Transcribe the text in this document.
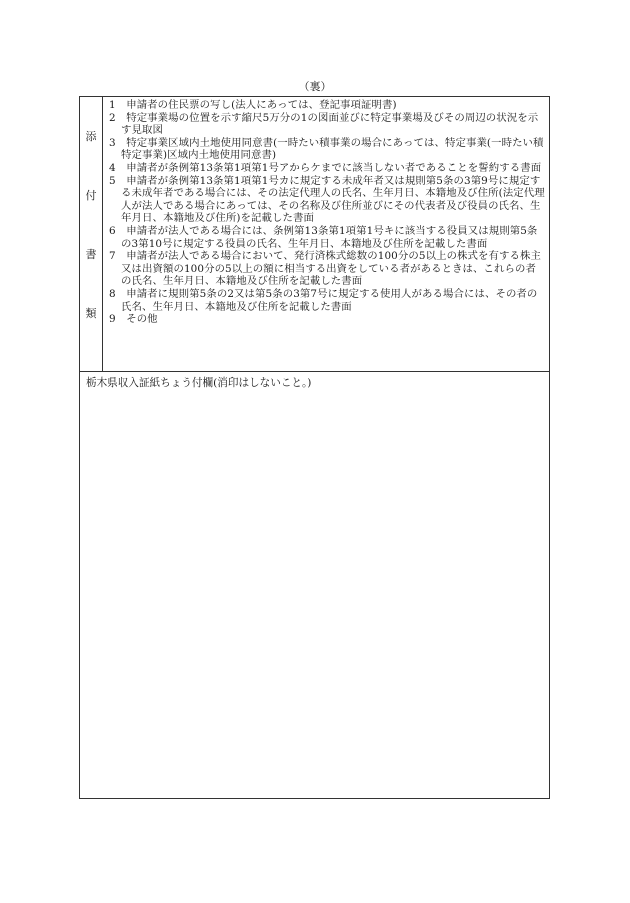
（裏）
添
付
書
類
1　申請者の住民票の写し(法人にあっては、登記事項証明書)
2　特定事業場の位置を示す縮尺5万分の1の図面並びに特定事業場及びその周辺の状況を示す見取図
3　特定事業区域内土地使用同意書(一時たい積事業の場合にあっては、特定事業(一時たい積特定事業)区域内土地使用同意書)
4　申請者が条例第13条第1項第1号アからケまでに該当しない者であることを誓約する書面
5　申請者が条例第13条第1項第1号カに規定する未成年者又は規則第5条の3第9号に規定する未成年者である場合には、その法定代理人の氏名、生年月日、本籍地及び住所(法定代理人が法人である場合にあっては、その名称及び住所並びにその代表者及び役員の氏名、生年月日、本籍地及び住所)を記載した書面
6　申請者が法人である場合には、条例第13条第1項第1号キに該当する役員又は規則第5条の3第10号に規定する役員の氏名、生年月日、本籍地及び住所を記載した書面
7　申請者が法人である場合において、発行済株式総数の100分の5以上の株式を有する株主又は出資額の100分の5以上の額に相当する出資をしている者があるときは、これらの者の氏名、生年月日、本籍地及び住所を記載した書面
8　申請者に規則第5条の2又は第5条の3第7号に規定する使用人がある場合には、その者の氏名、生年月日、本籍地及び住所を記載した書面
9　その他
栃木県収入証紙ちょう付欄(消印はしないこと。)
